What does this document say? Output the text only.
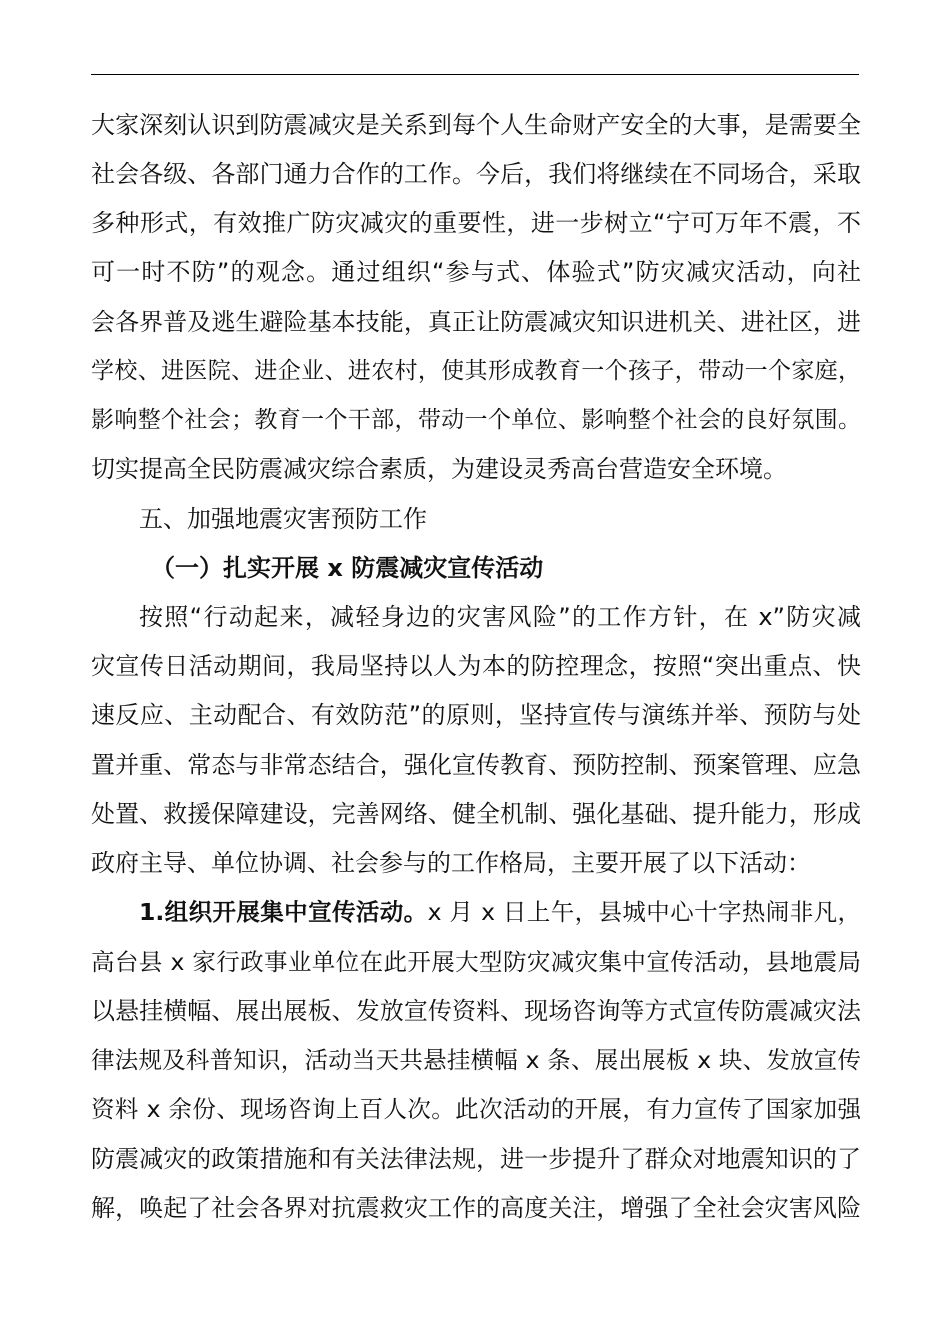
大家深刻认识到防震减灾是关系到每个人生命财产安全的大事，是需要全
社会各级、各部门通力合作的工作。今后，我们将继续在不同场合，采取
多种形式，有效推广防灾减灾的重要性，进一步树立“宁可万年不震，不
可一时不防”的观念。通过组织“参与式、体验式”防灾减灾活动，向社
会各界普及逃生避险基本技能，真正让防震减灾知识进机关、进社区，进
学校、进医院、进企业、进农村，使其形成教育一个孩子，带动一个家庭，
影响整个社会；教育一个干部，带动一个单位、影响整个社会的良好氛围。
切实提高全民防震减灾综合素质，为建设灵秀高台营造安全环境。
五、加强地震灾害预防工作
（一）扎实开展 x 防震减灾宣传活动
按照“行动起来，减轻身边的灾害风险”的工作方针，在 x”防灾减
灾宣传日活动期间，我局坚持以人为本的防控理念，按照“突出重点、快
速反应、主动配合、有效防范”的原则，坚持宣传与演练并举、预防与处
置并重、常态与非常态结合，强化宣传教育、预防控制、预案管理、应急
处置、救援保障建设，完善网络、健全机制、强化基础、提升能力，形成
政府主导、单位协调、社会参与的工作格局，主要开展了以下活动：
1.组织开展集中宣传活动。x 月 x 日上午，县城中心十字热闹非凡，
高台县 x 家行政事业单位在此开展大型防灾减灾集中宣传活动，县地震局
以悬挂横幅、展出展板、发放宣传资料、现场咨询等方式宣传防震减灾法
律法规及科普知识，活动当天共悬挂横幅 x 条、展出展板 x 块、发放宣传
资料 x 余份、现场咨询上百人次。此次活动的开展，有力宣传了国家加强
防震减灾的政策措施和有关法律法规，进一步提升了群众对地震知识的了
解，唤起了社会各界对抗震救灾工作的高度关注，增强了全社会灾害风险
